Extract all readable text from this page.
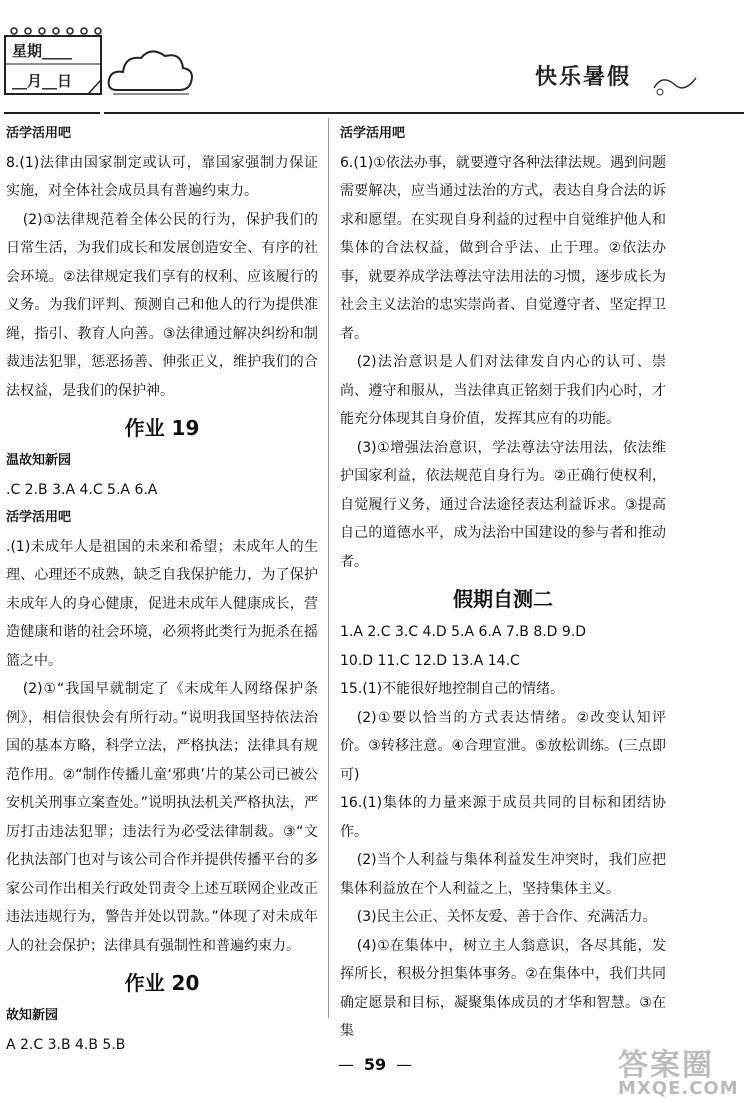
星期____
__月__日	快乐暑假

活学活用吧

8.(1)法律由国家制定或认可，靠国家强制力保证实施，对全体社会成员具有普遍约束力。

(2)①法律规范着全体公民的行为，保护我们的日常生活，为我们成长和发展创造安全、有序的社会环境。②法律规定我们享有的权利、应该履行的义务。为我们评判、预测自己和他人的行为提供准绳，指引、教育人向善。③法律通过解决纠纷和制裁违法犯罪，惩恶扬善、伸张正义，维护我们的合法权益，是我们的保护神。

作业 19

温故知新园

.C 2.B 3.A 4.C 5.A 6.A

活学活用吧

.(1)未成年人是祖国的未来和希望；未成年人的生理、心理还不成熟，缺乏自我保护能力，为了保护未成年人的身心健康，促进未成年人健康成长，营造健康和谐的社会环境，必须将此类行为扼杀在摇篮之中。

(2)①“我国早就制定了《未成年人网络保护条例》，相信很快会有所行动。”说明我国坚持依法治国的基本方略，科学立法，严格执法；法律具有规范作用。②“制作传播儿童‘邪典’片的某公司已被公安机关刑事立案查处。”说明执法机关严格执法，严厉打击违法犯罪；违法行为必受法律制裁。③“文化执法部门也对与该公司合作并提供传播平台的多家公司作出相关行政处罚责令上述互联网企业改正违法违规行为，警告并处以罚款。”体现了对未成年人的社会保护；法律具有强制性和普遍约束力。

作业 20

故知新园

A 2.C 3.B 4.B 5.B

活学活用吧

6.(1)①依法办事，就要遵守各种法律法规。遇到问题需要解决，应当通过法治的方式，表达自身合法的诉求和愿望。在实现自身利益的过程中自觉维护他人和集体的合法权益，做到合乎法、止于理。②依法办事，就要养成学法尊法守法用法的习惯，逐步成长为社会主义法治的忠实崇尚者、自觉遵守者、坚定捍卫者。

(2)法治意识是人们对法律发自内心的认可、崇尚、遵守和服从，当法律真正铭刻于我们内心时，才能充分体现其自身价值，发挥其应有的功能。

(3)①增强法治意识，学法尊法守法用法，依法维护国家利益，依法规范自身行为。②正确行使权利，自觉履行义务，通过合法途径表达利益诉求。③提高自己的道德水平，成为法治中国建设的参与者和推动者。

假期自测二

1.A 2.C 3.C 4.D 5.A 6.A 7.B 8.D 9.D

10.D 11.C 12.D 13.A 14.C

15.(1)不能很好地控制自己的情绪。

(2)①要以恰当的方式表达情绪。②改变认知评价。③转移注意。④合理宣泄。⑤放松训练。(三点即可)

16.(1)集体的力量来源于成员共同的目标和团结协作。

(2)当个人利益与集体利益发生冲突时，我们应把集体利益放在个人利益之上，坚持集体主义。

(3)民主公正、关怀友爱、善于合作、充满活力。

(4)①在集体中，树立主人翁意识，各尽其能，发挥所长，积极分担集体事务。②在集体中，我们共同确定愿景和目标，凝聚集体成员的才华和智慧。③在集

— 59 —	答案圈
MXQE.COM
